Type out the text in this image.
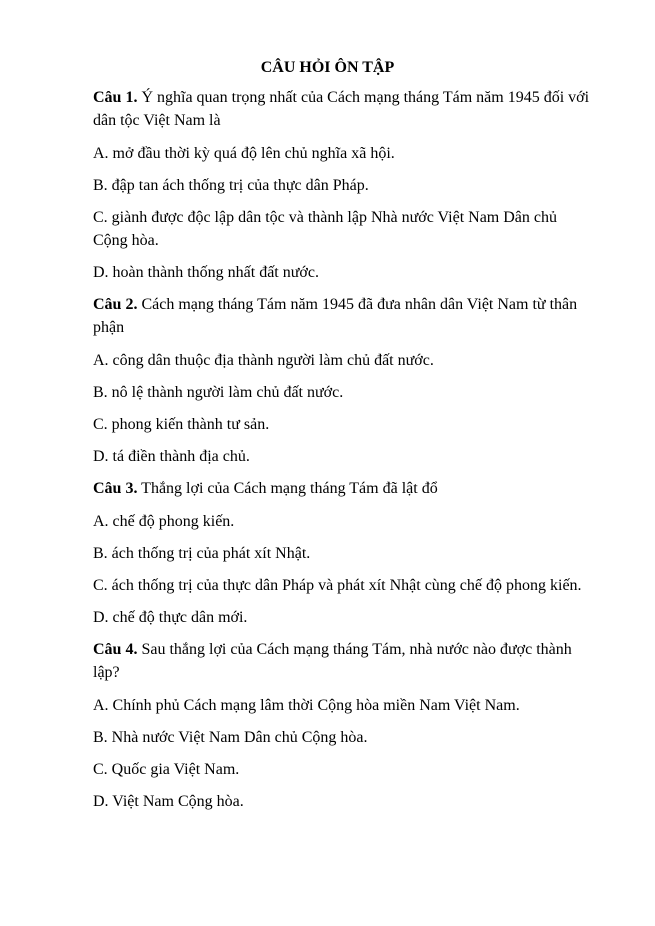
CÂU HỎI ÔN TẬP
Câu 1. Ý nghĩa quan trọng nhất của Cách mạng tháng Tám năm 1945 đối với dân tộc Việt Nam là
A. mở đầu thời kỳ quá độ lên chủ nghĩa xã hội.
B. đập tan ách thống trị của thực dân Pháp.
C. giành được độc lập dân tộc và thành lập Nhà nước Việt Nam Dân chủ Cộng hòa.
D. hoàn thành thống nhất đất nước.
Câu 2. Cách mạng tháng Tám năm 1945 đã đưa nhân dân Việt Nam từ thân phận
A. công dân thuộc địa thành người làm chủ đất nước.
B. nô lệ thành người làm chủ đất nước.
C. phong kiến thành tư sản.
D. tá điền thành địa chủ.
Câu 3. Thắng lợi của Cách mạng tháng Tám đã lật đổ
A. chế độ phong kiến.
B. ách thống trị của phát xít Nhật.
C. ách thống trị của thực dân Pháp và phát xít Nhật cùng chế độ phong kiến.
D. chế độ thực dân mới.
Câu 4. Sau thắng lợi của Cách mạng tháng Tám, nhà nước nào được thành lập?
A. Chính phủ Cách mạng lâm thời Cộng hòa miền Nam Việt Nam.
B. Nhà nước Việt Nam Dân chủ Cộng hòa.
C. Quốc gia Việt Nam.
D. Việt Nam Cộng hòa.
